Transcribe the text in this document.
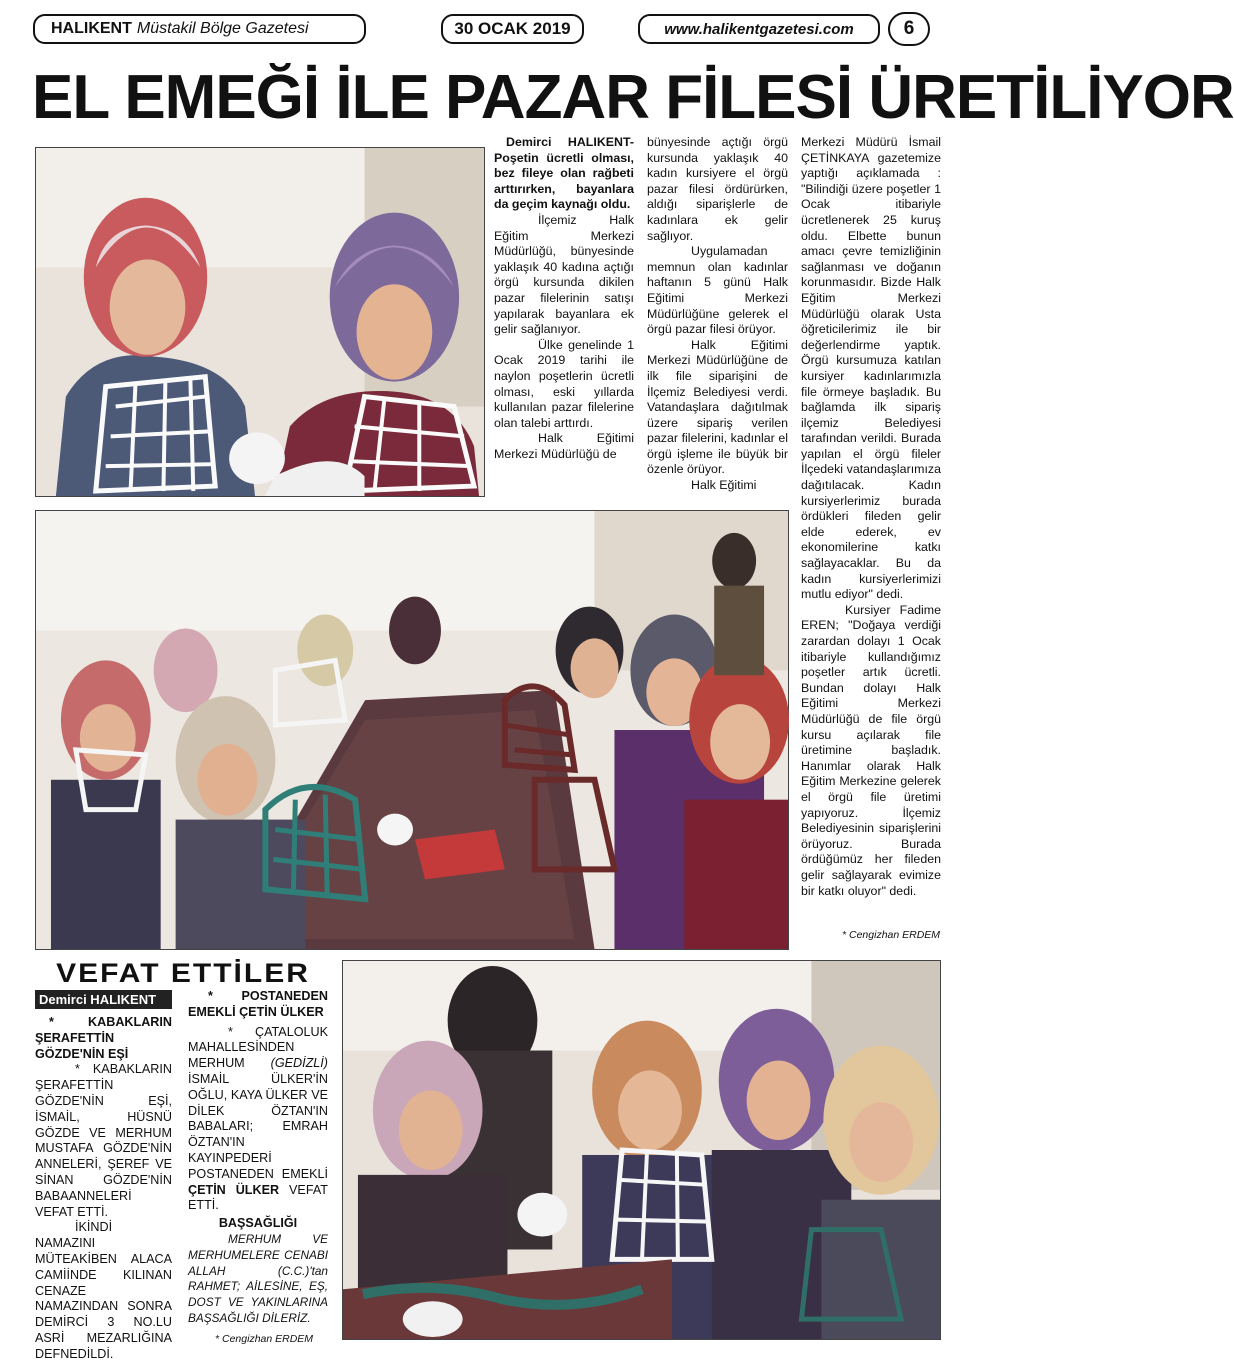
HALIKENT Müstakil Bölge Gazetesi	30 OCAK 2019	www.halikentgazetesi.com	6
EL EMEĞİ İLE PAZAR FİLESİ ÜRETİLİYOR

Demirci HALIKENT- Poşetin ücretli olması, bez fileye olan rağbeti arttırırken, bayanlara da geçim kaynağı oldu.

İlçemiz Halk Eğitim Merkezi Müdürlüğü, bünyesinde yaklaşık 40 kadına açtığı örgü kursunda dikilen pazar filelerinin satışı yapılarak bayanlara ek gelir sağlanıyor.

Ülke genelinde 1 Ocak 2019 tarihi ile naylon poşetlerin ücretli olması, eski yıllarda kullanılan pazar filelerine olan talebi arttırdı.

Halk Eğitimi Merkezi Müdürlüğü de

bünyesinde açtığı örgü kursunda yaklaşık 40 kadın kursiyere el örgü pazar filesi ördürürken, aldığı siparişlerle de kadınlara ek gelir sağlıyor.

Uygulamadan memnun olan kadınlar haftanın 5 günü Halk Eğitimi Merkezi Müdürlüğüne gelerek el örgü pazar filesi örüyor.

Halk Eğitimi Merkezi Müdürlüğüne de ilk file siparişini de İlçemiz Belediyesi verdi. Vatandaşlara dağıtılmak üzere sipariş verilen pazar filelerini, kadınlar el örgü işleme ile büyük bir özenle örüyor.

Halk Eğitimi

Merkezi Müdürü İsmail ÇETİNKAYA gazetemize yaptığı açıklamada : "Bilindiği üzere poşetler 1 Ocak itibariyle ücretlenerek 25 kuruş oldu. Elbette bunun amacı çevre temizliğinin sağlanması ve doğanın korunmasıdır. Bizde Halk Eğitim Merkezi Müdürlüğü olarak Usta öğreticilerimiz ile bir değerlendirme yaptık. Örgü kursumuza katılan kursiyer kadınlarımızla file örmeye başladık. Bu bağlamda ilk sipariş ilçemiz Belediyesi tarafından verildi. Burada yapılan el örgü fileler İlçedeki vatandaşlarımıza dağıtılacak. Kadın kursiyerlerimiz burada ördükleri fileden gelir elde ederek, ev ekonomilerine katkı sağlayacaklar. Bu da kadın kursiyerlerimizi mutlu ediyor" dedi.

Kursiyer Fadime EREN; "Doğaya verdiği zarardan dolayı 1 Ocak itibariyle kullandığımız poşetler artık ücretli. Bundan dolayı Halk Eğitimi Merkezi Müdürlüğü de file örgü kursu açılarak file üretimine başladık. Hanımlar olarak Halk Eğitim Merkezine gelerek el örgü file üretimi yapıyoruz. İlçemiz Belediyesinin siparişlerini örüyoruz. Burada ördüğümüz her fileden gelir sağlayarak evimize bir katkı oluyor" dedi.

* Cengizhan ERDEM
VEFAT ETTİLER
Demirci HALIKENT

* KABAKLARIN ŞERAFETTİN GÖZDE'NİN EŞİ

* KABAKLARIN ŞERAFETTİN GÖZDE'NİN EŞİ, İSMAİL, HÜSNÜ GÖZDE VE MERHUM MUSTAFA GÖZDE'NİN ANNELERİ, ŞEREF VE SİNAN GÖZDE'NİN BABAANNELERİ VEFAT ETTİ.

İKİNDİ NAMAZINI MÜTEAKİBEN ALACA CAMİİNDE KILINAN CENAZE NAMAZINDAN SONRA DEMİRCİ 3 NO.LU ASRİ MEZARLIĞINA DEFNEDİLDİ.

* POSTANEDEN EMEKLİ ÇETİN ÜLKER

* ÇATALOLUK MAHALLESİNDEN MERHUM (GEDİZLİ) İSMAİL ÜLKER'İN OĞLU, KAYA ÜLKER VE DİLEK ÖZTAN'IN BABALARI; EMRAH ÖZTAN'IN KAYINPEDERİ POSTANEDEN EMEKLİ ÇETİN ÜLKER VEFAT ETTİ.

BAŞSAĞLIĞI

MERHUM VE MERHUMELERE CENABI ALLAH (C.C.)'tan RAHMET; AİLESİNE, EŞ, DOST VE YAKINLARINA BAŞSAĞLIĞI DİLERİZ.

* Cengizhan ERDEM
